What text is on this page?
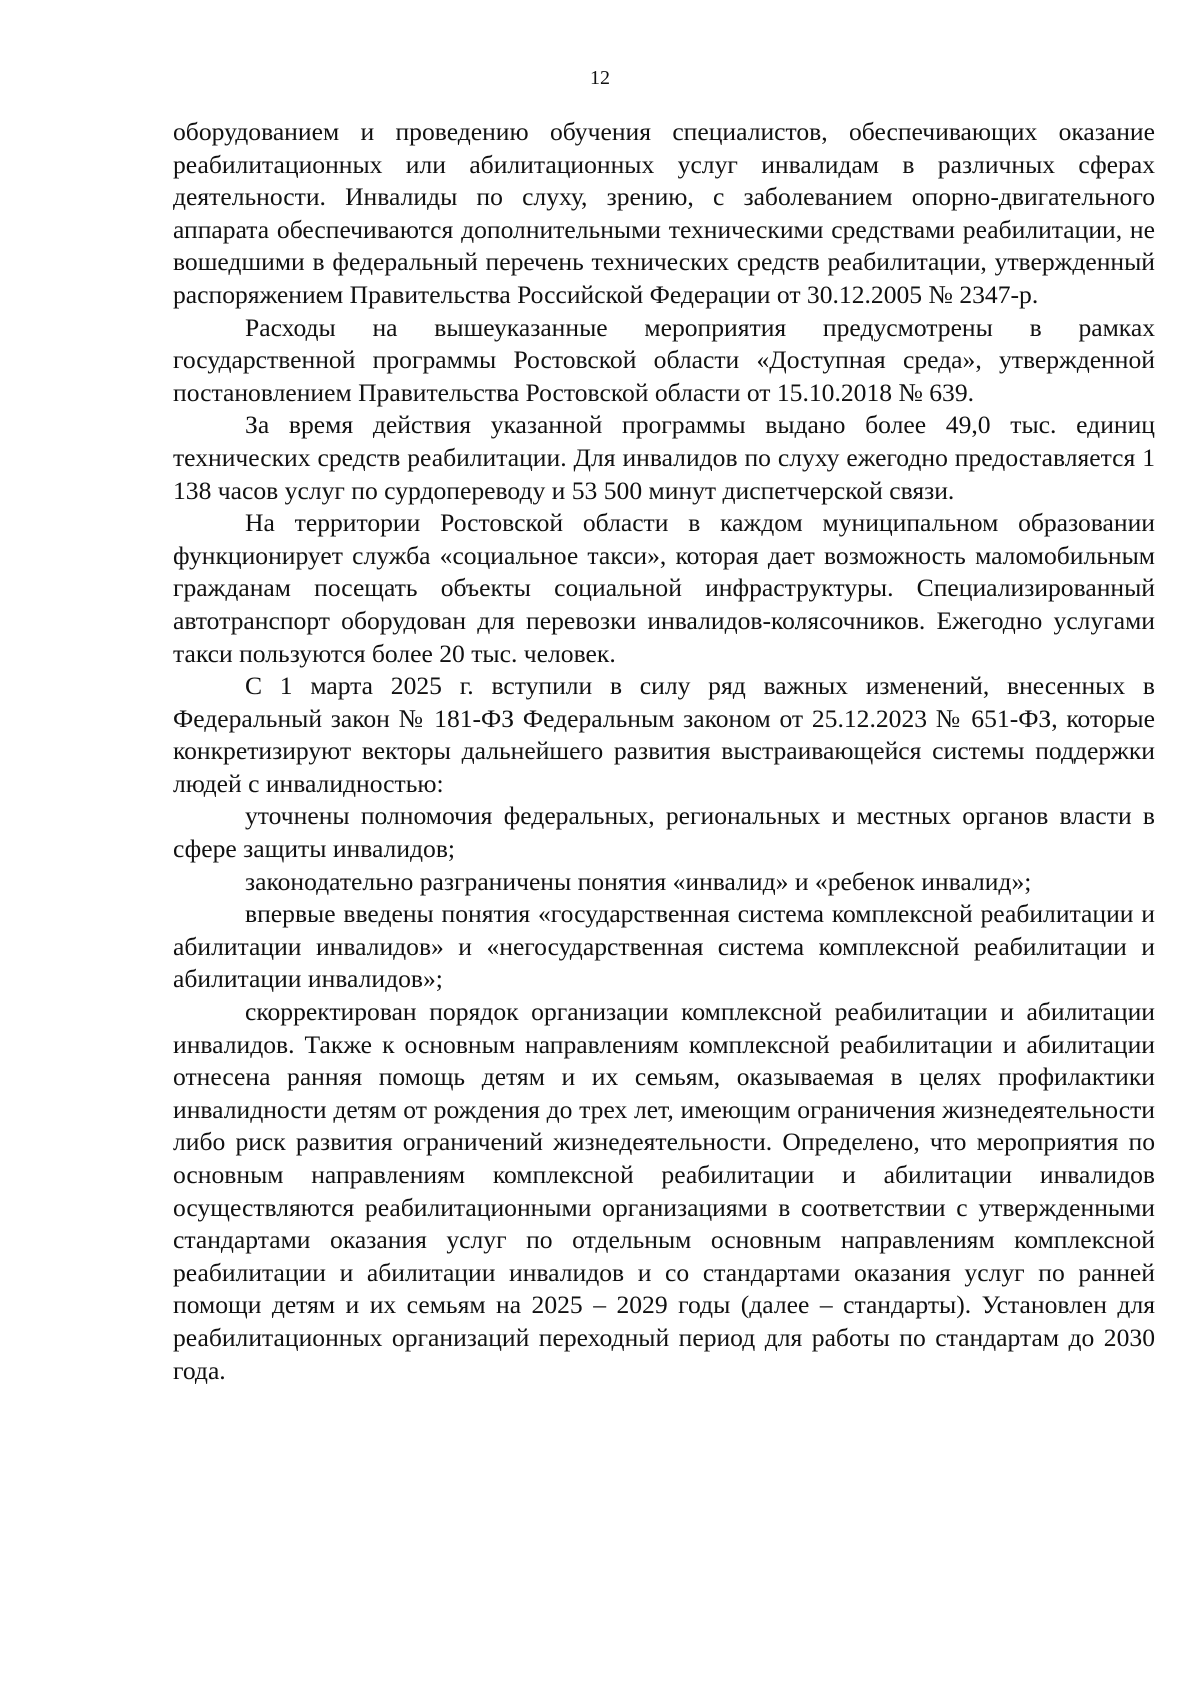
12

оборудованием и проведению обучения специалистов, обеспечивающих оказание реабилитационных или абилитационных услуг инвалидам в различных сферах деятельности. Инвалиды по слуху, зрению, с заболеванием опорно-двигательного аппарата обеспечиваются дополнительными техническими средствами реабилитации, не вошедшими в федеральный перечень технических средств реабилитации, утвержденный распоряжением Правительства Российской Федерации от 30.12.2005 № 2347-р.

Расходы на вышеуказанные мероприятия предусмотрены в рамках государственной программы Ростовской области «Доступная среда», утвержденной постановлением Правительства Ростовской области от 15.10.2018 № 639.

За время действия указанной программы выдано более 49,0 тыс. единиц технических средств реабилитации. Для инвалидов по слуху ежегодно предоставляется 1 138 часов услуг по сурдопереводу и 53 500 минут диспетчерской связи.

На территории Ростовской области в каждом муниципальном образовании функционирует служба «социальное такси», которая дает возможность маломобильным гражданам посещать объекты социальной инфраструктуры. Специализированный автотранспорт оборудован для перевозки инвалидов-колясочников. Ежегодно услугами такси пользуются более 20 тыс. человек.

С 1 марта 2025 г. вступили в силу ряд важных изменений, внесенных в Федеральный закон № 181-ФЗ Федеральным законом от 25.12.2023 № 651-ФЗ, которые конкретизируют векторы дальнейшего развития выстраивающейся системы поддержки людей с инвалидностью:

уточнены полномочия федеральных, региональных и местных органов власти в сфере защиты инвалидов;

законодательно разграничены понятия «инвалид» и «ребенок инвалид»;

впервые введены понятия «государственная система комплексной реабилитации и абилитации инвалидов» и «негосударственная система комплексной реабилитации и абилитации инвалидов»;

скорректирован порядок организации комплексной реабилитации и абилитации инвалидов. Также к основным направлениям комплексной реабилитации и абилитации отнесена ранняя помощь детям и их семьям, оказываемая в целях профилактики инвалидности детям от рождения до трех лет, имеющим ограничения жизнедеятельности либо риск развития ограничений жизнедеятельности. Определено, что мероприятия по основным направлениям комплексной реабилитации и абилитации инвалидов осуществляются реабилитационными организациями в соответствии с утвержденными стандартами оказания услуг по отдельным основным направлениям комплексной реабилитации и абилитации инвалидов и со стандартами оказания услуг по ранней помощи детям и их семьям на 2025 – 2029 годы (далее – стандарты). Установлен для реабилитационных организаций переходный период для работы по стандартам до 2030 года.
